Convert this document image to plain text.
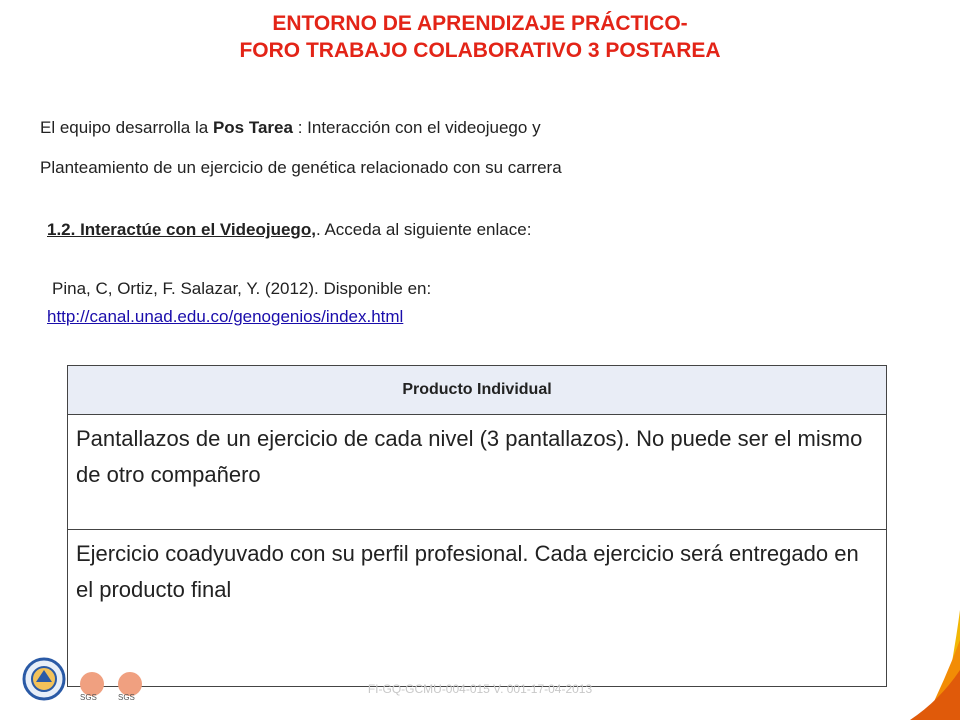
ENTORNO DE APRENDIZAJE PRÁCTICO-
FORO TRABAJO COLABORATIVO 3 POSTAREA
El equipo desarrolla la Pos Tarea : Interacción con el videojuego y
Planteamiento de un ejercicio de genética relacionado con su carrera
1.2. Interactúe con el Videojuego,. Acceda al siguiente enlace:
Pina, C, Ortiz, F. Salazar, Y. (2012). Disponible en:
http://canal.unad.edu.co/genogenios/index.html
Producto Individual
Pantallazos de un ejercicio de cada nivel (3 pantallazos). No puede ser el mismo de otro compañero
Ejercicio coadyuvado con su perfil profesional. Cada ejercicio será entregado en el producto final
SGS	SGS
FI-GQ-GCMU-004-015 V. 001-17-04-2013
